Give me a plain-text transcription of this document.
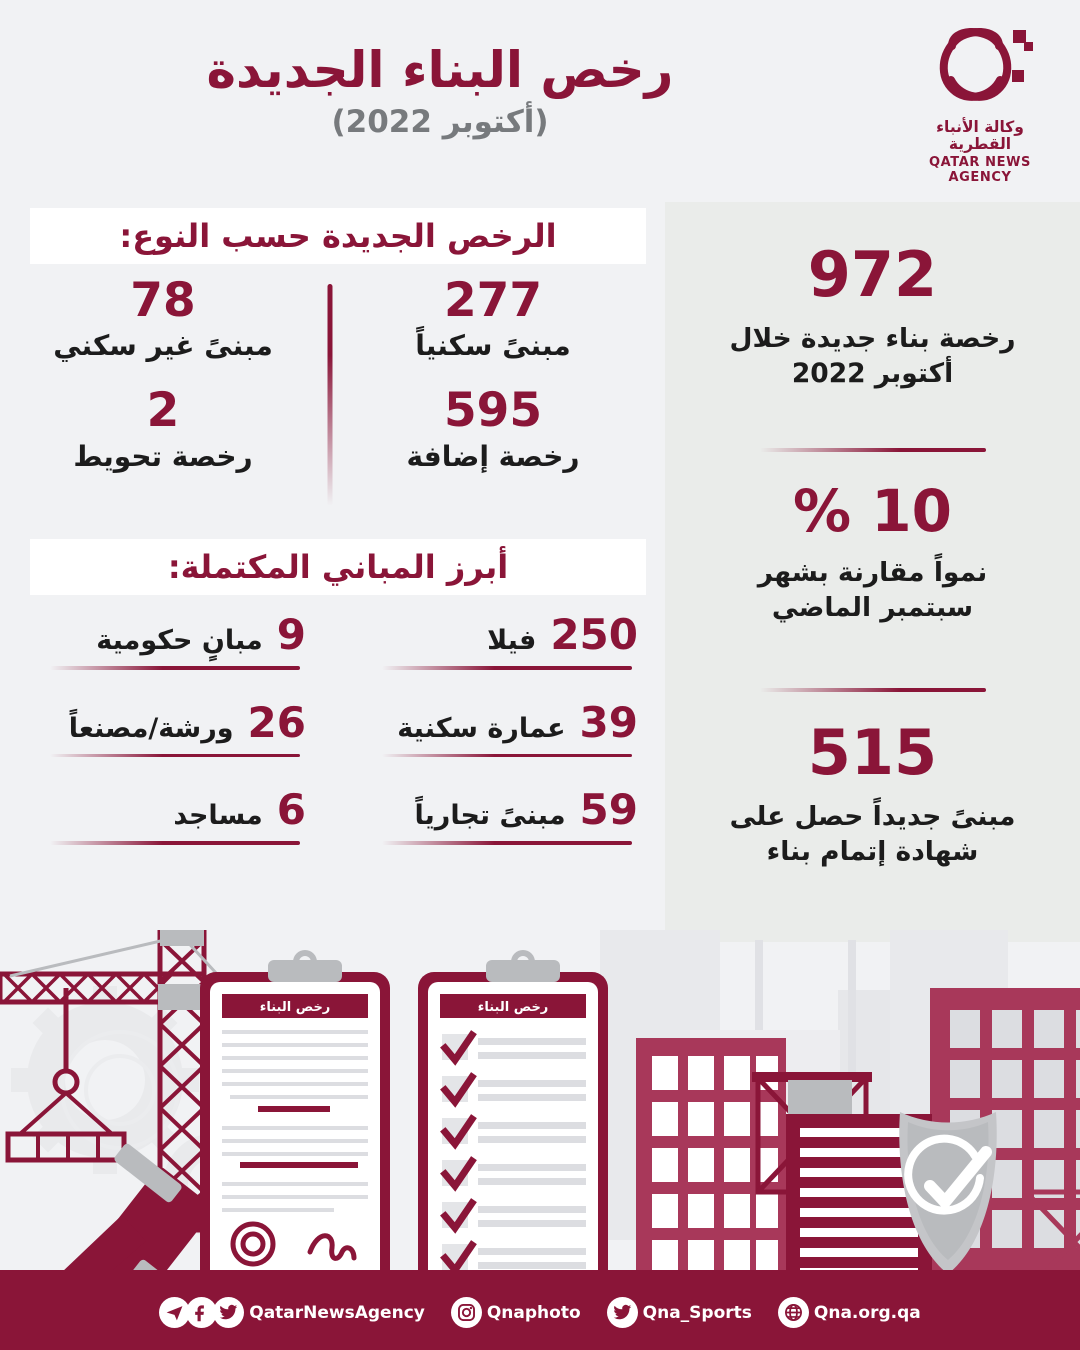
رخص البناء الجديدة
(أكتوبر 2022)	وكالة الأنباء القطرية
QATAR NEWS AGENCY
972
رخصة بناء جديدة خلال أكتوبر 2022
% 10
نمواً مقارنة بشهر سبتمبر الماضي
515
مبنىً جديداً حصل على شهادة إتمام بناء
الرخص الجديدة حسب النوع:
277
مبنىً سكنياً
595
رخصة إضافة
78
مبنىً غير سكني
2
رخصة تحويط
أبرز المباني المكتملة:
250
فيلا
39
عمارة سكنية
59
مبنىً تجارياً
9
مبانٍ حكومية
26
ورشة/مصنعاً
6
مساجد
رخص البناء	رخص البناء
QatarNewsAgency	Qnaphoto	Qna_Sports	Qna.org.qa
